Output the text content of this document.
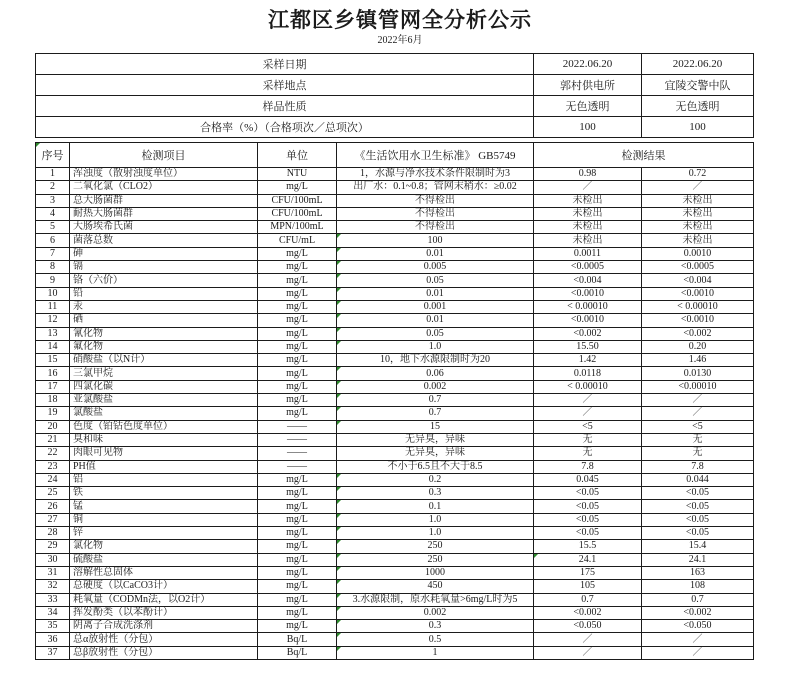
江都区乡镇管网全分析公示
2022年6月
采样日期	2022.06.20	2022.06.20
采样地点	郭村供电所	宜陵交警中队
样品性质	无色透明	无色透明
合格率（%）（合格项次／总项次）	100	100
序号	检测项目	单位	《生活饮用水卫生标准》 GB5749	检测结果	
1	浑浊度（散射浊度单位）	NTU	1，水源与净水技术条件限制时为3	0.98	0.72
2	二氧化氯（CLO2）	mg/L	出厂水：0.1~0.8；管网末稍水：≥0.02	／	／
3	总大肠菌群	CFU/100mL	不得检出	未检出	未检出
4	耐热大肠菌群	CFU/100mL	不得检出	未检出	未检出
5	大肠埃希氏菌	MPN/100mL	不得检出	未检出	未检出
6	菌落总数	CFU/mL	100	未检出	未检出
7	砷	mg/L	0.01	0.0011	0.0010
8	镉	mg/L	0.005	<0.0005	<0.0005
9	铬（六价）	mg/L	0.05	<0.004	<0.004
10	铅	mg/L	0.01	<0.0010	<0.0010
11	汞	mg/L	0.001	< 0.00010	< 0.00010
12	硒	mg/L	0.01	<0.0010	<0.0010
13	氰化物	mg/L	0.05	<0.002	<0.002
14	氟化物	mg/L	1.0	15.50	0.20
15	硝酸盐（以N计）	mg/L	10，地下水源限制时为20	1.42	1.46
16	三氯甲烷	mg/L	0.06	0.0118	0.0130
17	四氯化碳	mg/L	0.002	< 0.00010	<0.00010
18	亚氯酸盐	mg/L	0.7	／	／
19	氯酸盐	mg/L	0.7	／	／
20	色度（铂钴色度单位）	——	15	<5	<5
21	臭和味	——	无异臭，异味	无	无
22	肉眼可见物	——	无异臭，异味	无	无
23	PH值	——	不小于6.5且不大于8.5	7.8	7.8
24	铝	mg/L	0.2	0.045	0.044
25	铁	mg/L	0.3	<0.05	<0.05
26	锰	mg/L	0.1	<0.05	<0.05
27	铜	mg/L	1.0	<0.05	<0.05
28	锌	mg/L	1.0	<0.05	<0.05
29	氯化物	mg/L	250	15.5	15.4
30	硫酸盐	mg/L	250	24.1	24.1
31	溶解性总固体	mg/L	1000	175	163
32	总硬度（以CaCO3计）	mg/L	450	105	108
33	耗氧量（CODMn法，以O2计）	mg/L	3.水源限制，原水耗氧量>6mg/L时为5	0.7	0.7
34	挥发酚类（以苯酚计）	mg/L	0.002	<0.002	<0.002
35	阴离子合成洗涤剂	mg/L	0.3	<0.050	<0.050
36	总α放射性（分包）	Bq/L	0.5	／	／
37	总β放射性（分包）	Bq/L	1	／	／
